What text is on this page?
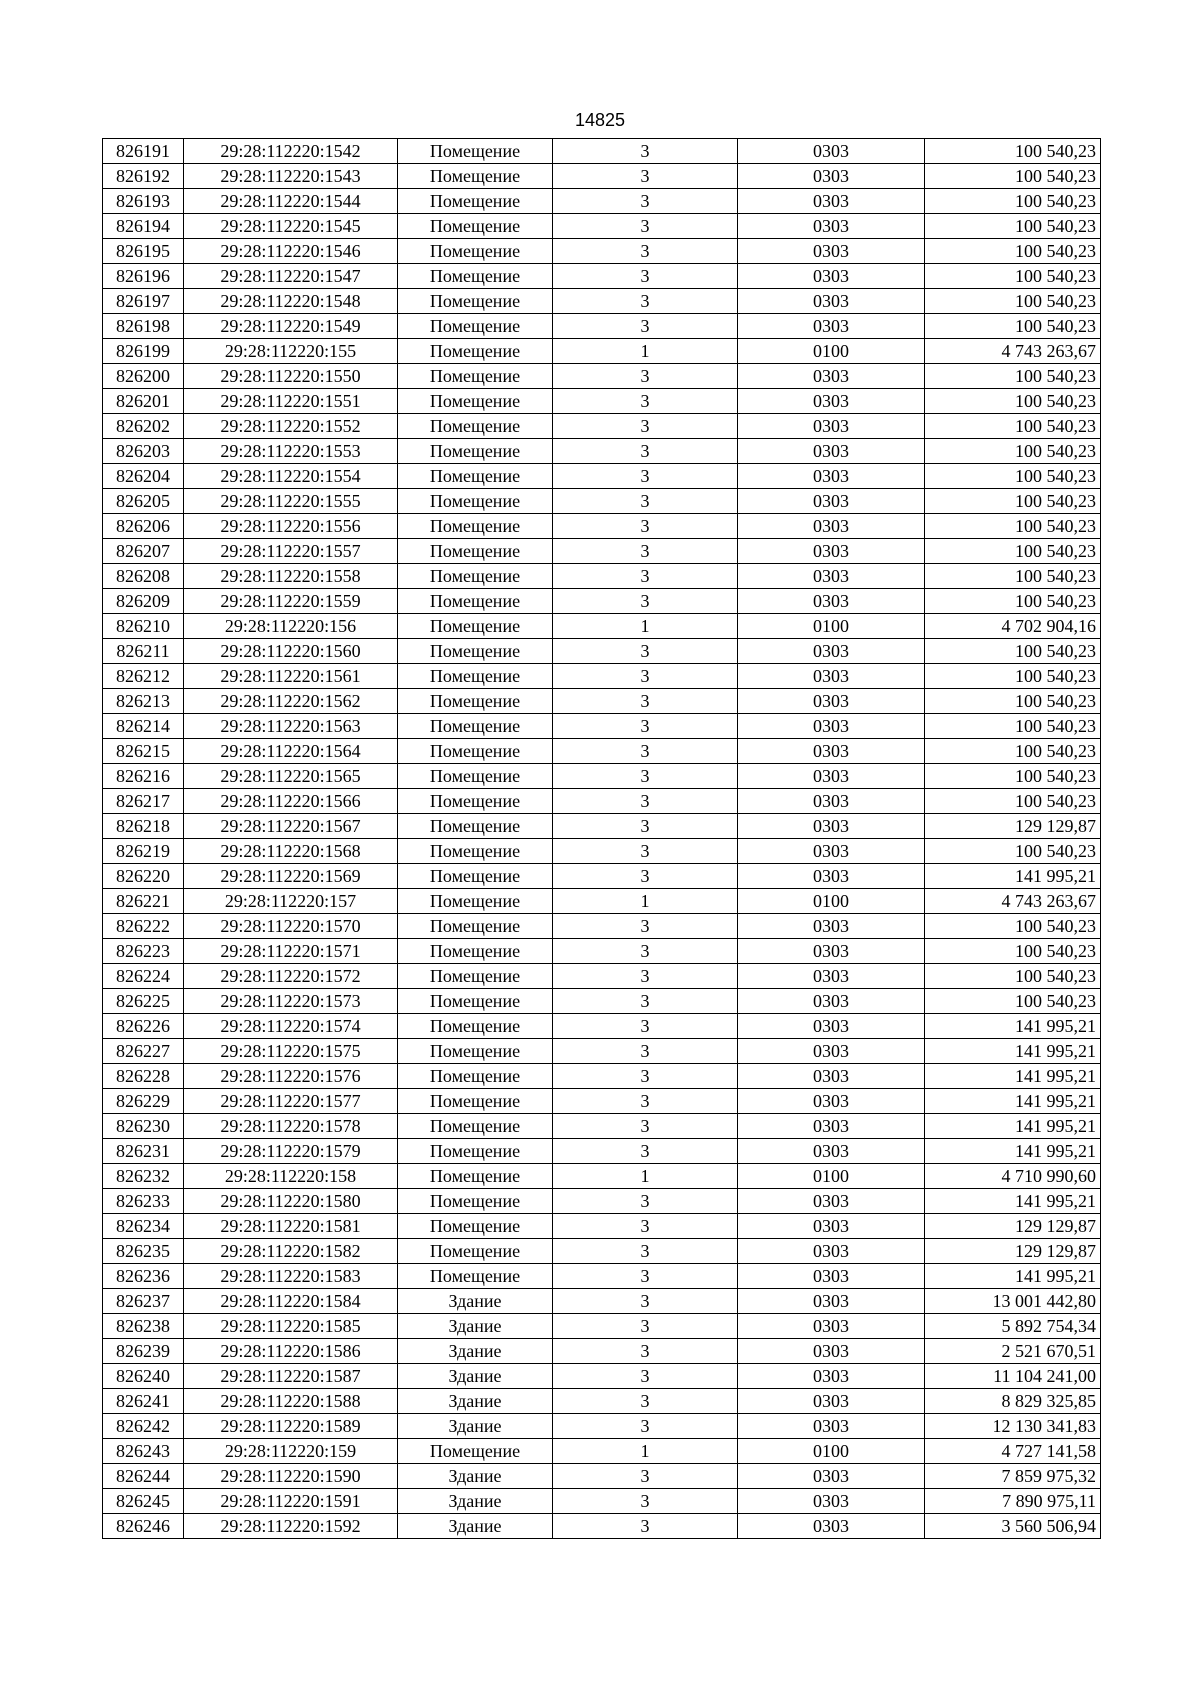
14825
826191	29:28:112220:1542	Помещение	3	0303	100 540,23
826192	29:28:112220:1543	Помещение	3	0303	100 540,23
826193	29:28:112220:1544	Помещение	3	0303	100 540,23
826194	29:28:112220:1545	Помещение	3	0303	100 540,23
826195	29:28:112220:1546	Помещение	3	0303	100 540,23
826196	29:28:112220:1547	Помещение	3	0303	100 540,23
826197	29:28:112220:1548	Помещение	3	0303	100 540,23
826198	29:28:112220:1549	Помещение	3	0303	100 540,23
826199	29:28:112220:155	Помещение	1	0100	4 743 263,67
826200	29:28:112220:1550	Помещение	3	0303	100 540,23
826201	29:28:112220:1551	Помещение	3	0303	100 540,23
826202	29:28:112220:1552	Помещение	3	0303	100 540,23
826203	29:28:112220:1553	Помещение	3	0303	100 540,23
826204	29:28:112220:1554	Помещение	3	0303	100 540,23
826205	29:28:112220:1555	Помещение	3	0303	100 540,23
826206	29:28:112220:1556	Помещение	3	0303	100 540,23
826207	29:28:112220:1557	Помещение	3	0303	100 540,23
826208	29:28:112220:1558	Помещение	3	0303	100 540,23
826209	29:28:112220:1559	Помещение	3	0303	100 540,23
826210	29:28:112220:156	Помещение	1	0100	4 702 904,16
826211	29:28:112220:1560	Помещение	3	0303	100 540,23
826212	29:28:112220:1561	Помещение	3	0303	100 540,23
826213	29:28:112220:1562	Помещение	3	0303	100 540,23
826214	29:28:112220:1563	Помещение	3	0303	100 540,23
826215	29:28:112220:1564	Помещение	3	0303	100 540,23
826216	29:28:112220:1565	Помещение	3	0303	100 540,23
826217	29:28:112220:1566	Помещение	3	0303	100 540,23
826218	29:28:112220:1567	Помещение	3	0303	129 129,87
826219	29:28:112220:1568	Помещение	3	0303	100 540,23
826220	29:28:112220:1569	Помещение	3	0303	141 995,21
826221	29:28:112220:157	Помещение	1	0100	4 743 263,67
826222	29:28:112220:1570	Помещение	3	0303	100 540,23
826223	29:28:112220:1571	Помещение	3	0303	100 540,23
826224	29:28:112220:1572	Помещение	3	0303	100 540,23
826225	29:28:112220:1573	Помещение	3	0303	100 540,23
826226	29:28:112220:1574	Помещение	3	0303	141 995,21
826227	29:28:112220:1575	Помещение	3	0303	141 995,21
826228	29:28:112220:1576	Помещение	3	0303	141 995,21
826229	29:28:112220:1577	Помещение	3	0303	141 995,21
826230	29:28:112220:1578	Помещение	3	0303	141 995,21
826231	29:28:112220:1579	Помещение	3	0303	141 995,21
826232	29:28:112220:158	Помещение	1	0100	4 710 990,60
826233	29:28:112220:1580	Помещение	3	0303	141 995,21
826234	29:28:112220:1581	Помещение	3	0303	129 129,87
826235	29:28:112220:1582	Помещение	3	0303	129 129,87
826236	29:28:112220:1583	Помещение	3	0303	141 995,21
826237	29:28:112220:1584	Здание	3	0303	13 001 442,80
826238	29:28:112220:1585	Здание	3	0303	5 892 754,34
826239	29:28:112220:1586	Здание	3	0303	2 521 670,51
826240	29:28:112220:1587	Здание	3	0303	11 104 241,00
826241	29:28:112220:1588	Здание	3	0303	8 829 325,85
826242	29:28:112220:1589	Здание	3	0303	12 130 341,83
826243	29:28:112220:159	Помещение	1	0100	4 727 141,58
826244	29:28:112220:1590	Здание	3	0303	7 859 975,32
826245	29:28:112220:1591	Здание	3	0303	7 890 975,11
826246	29:28:112220:1592	Здание	3	0303	3 560 506,94
